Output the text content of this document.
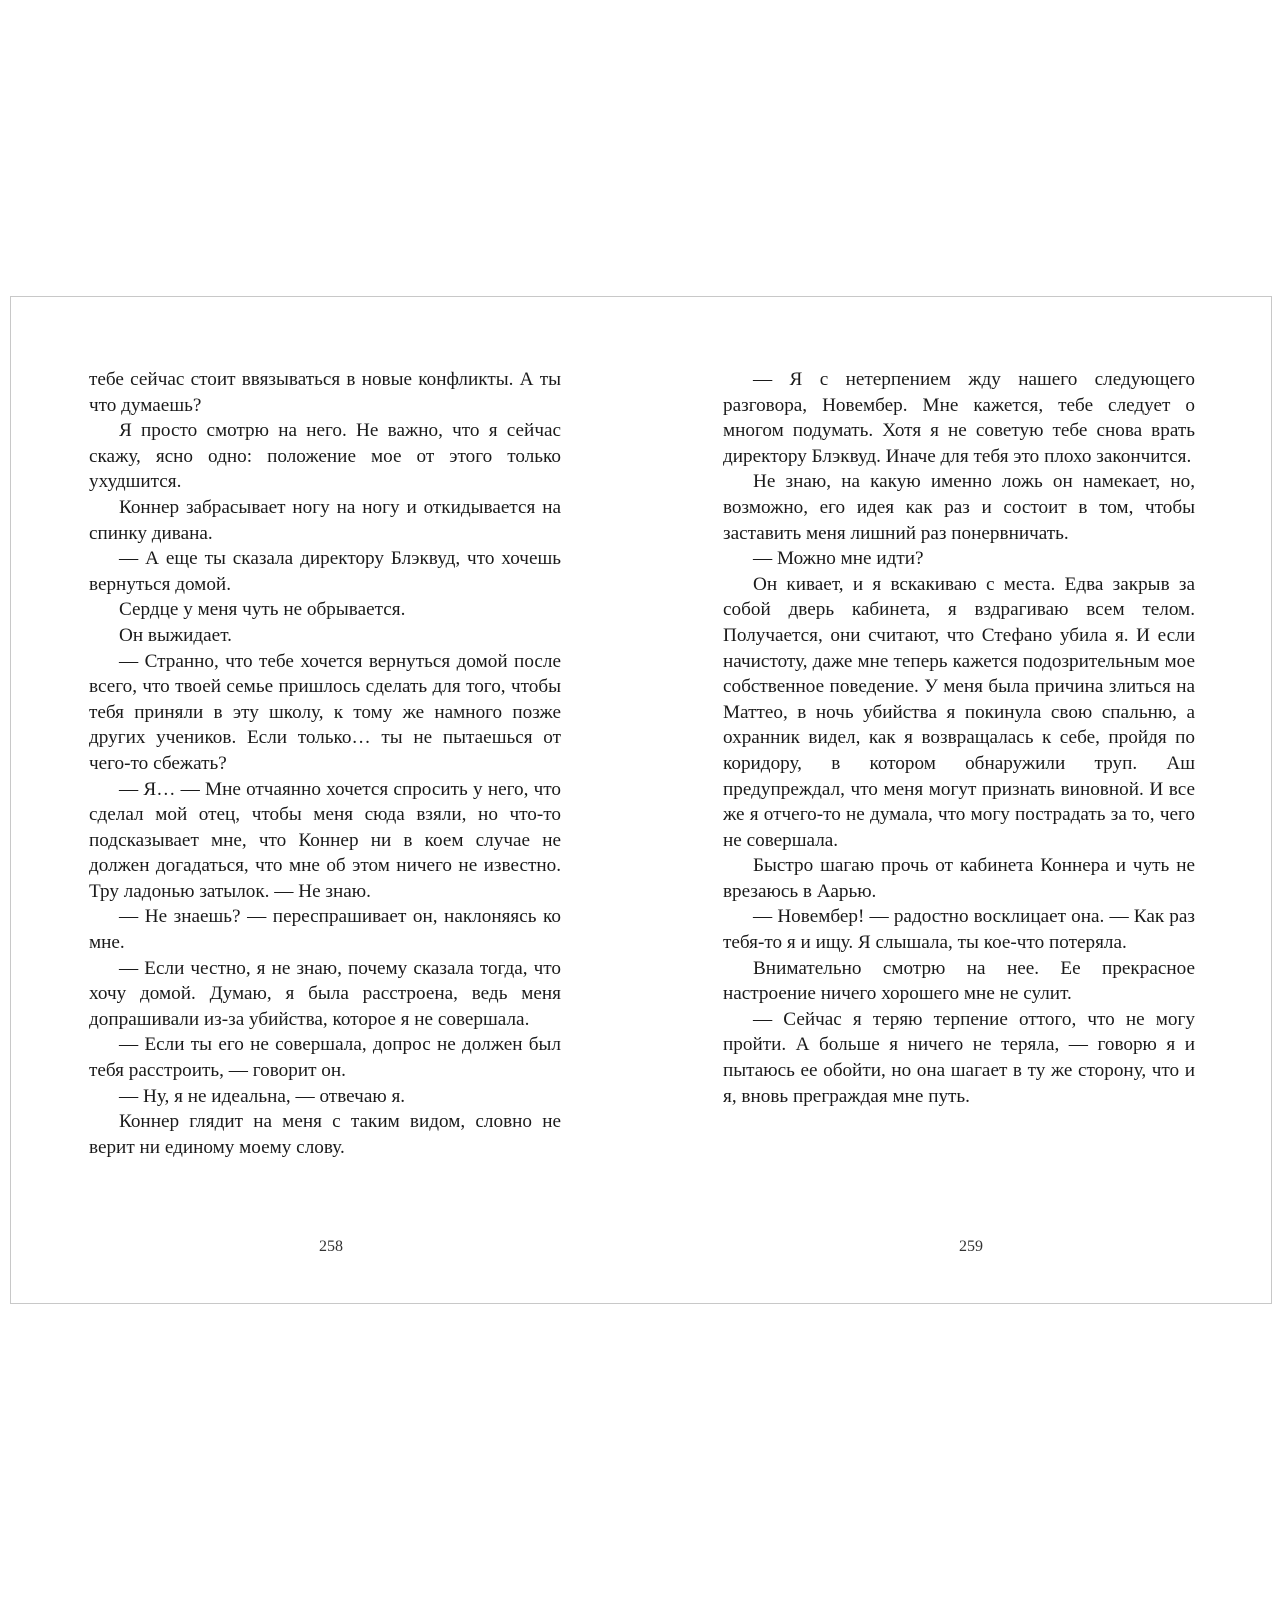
тебе сейчас стоит ввязываться в новые конфликты. А ты что думаешь?

Я просто смотрю на него. Не важно, что я сейчас скажу, ясно одно: положение мое от этого только ухудшится.

Коннер забрасывает ногу на ногу и откидывается на спинку дивана.

— А еще ты сказала директору Блэквуд, что хочешь вернуться домой.

Сердце у меня чуть не обрывается.

Он выжидает.

— Странно, что тебе хочется вернуться домой после всего, что твоей семье пришлось сделать для того, чтобы тебя приняли в эту школу, к тому же намного позже других учеников. Если только… ты не пытаешься от чего-то сбежать?

— Я… — Мне отчаянно хочется спросить у него, что сделал мой отец, чтобы меня сюда взяли, но что-то подсказывает мне, что Коннер ни в коем случае не должен догадаться, что мне об этом ничего не известно. Тру ладонью затылок. — Не знаю.

— Не знаешь? — переспрашивает он, наклоняясь ко мне.

— Если честно, я не знаю, почему сказала тогда, что хочу домой. Думаю, я была расстроена, ведь меня допрашивали из-за убийства, которое я не совершала.

— Если ты его не совершала, допрос не должен был тебя расстроить, — говорит он.

— Ну, я не идеальна, — отвечаю я.

Коннер глядит на меня с таким видом, словно не верит ни единому моему слову.

— Я с нетерпением жду нашего следующего разговора, Новембер. Мне кажется, тебе следует о многом подумать. Хотя я не советую тебе снова врать директору Блэквуд. Иначе для тебя это плохо закончится.

Не знаю, на какую именно ложь он намекает, но, возможно, его идея как раз и состоит в том, чтобы заставить меня лишний раз понервничать.

— Можно мне идти?

Он кивает, и я вскакиваю с места. Едва закрыв за собой дверь кабинета, я вздрагиваю всем телом. Получается, они считают, что Стефано убила я. И если начистоту, даже мне теперь кажется подозрительным мое собственное поведение. У меня была причина злиться на Маттео, в ночь убийства я покинула свою спальню, а охранник видел, как я возвращалась к себе, пройдя по коридору, в котором обнаружили труп. Аш предупреждал, что меня могут признать виновной. И все же я отчего-то не думала, что могу пострадать за то, чего не совершала.

Быстро шагаю прочь от кабинета Коннера и чуть не врезаюсь в Аарью.

— Новембер! — радостно восклицает она. — Как раз тебя-то я и ищу. Я слышала, ты кое-что потеряла.

Внимательно смотрю на нее. Ее прекрасное настроение ничего хорошего мне не сулит.

— Сейчас я теряю терпение оттого, что не могу пройти. А больше я ничего не теряла, — говорю я и пытаюсь ее обойти, но она шагает в ту же сторону, что и я, вновь преграждая мне путь.

258	259
